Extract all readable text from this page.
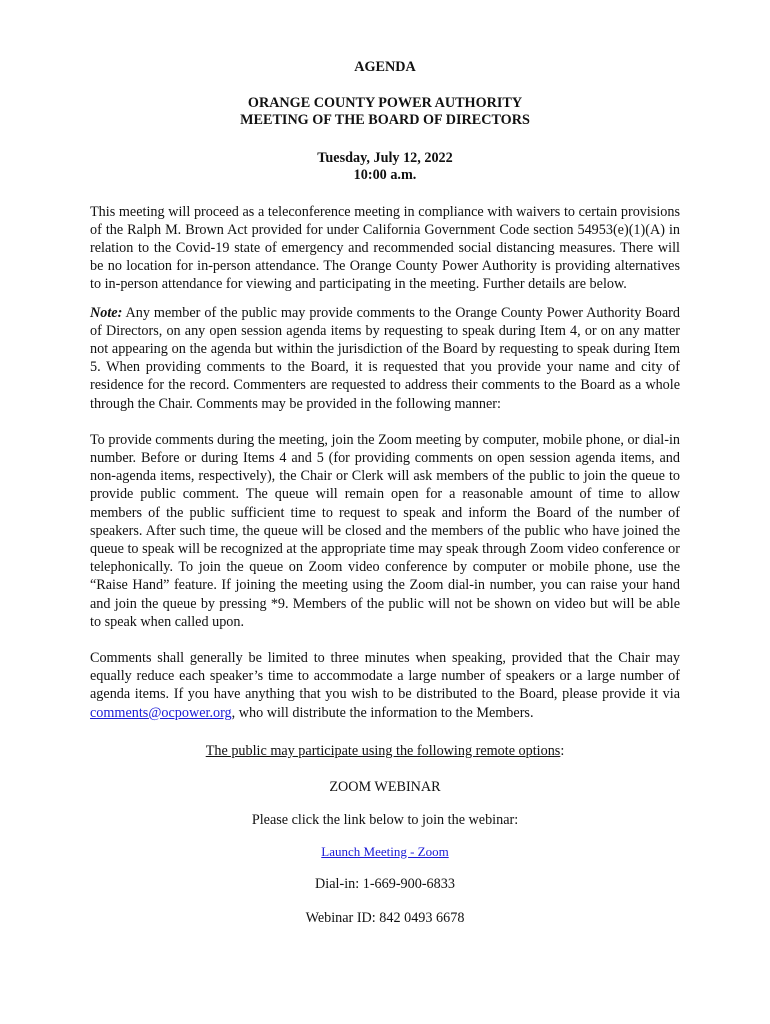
AGENDA

ORANGE COUNTY POWER AUTHORITY

MEETING OF THE BOARD OF DIRECTORS

Tuesday, July 12, 2022

10:00 a.m.

This meeting will proceed as a teleconference meeting in compliance with waivers to certain provisions of the Ralph M. Brown Act provided for under California Government Code section 54953(e)(1)(A) in relation to the Covid-19 state of emergency and recommended social distancing measures. There will be no location for in-person attendance. The Orange County Power Authority is providing alternatives to in-person attendance for viewing and participating in the meeting. Further details are below.

Note: Any member of the public may provide comments to the Orange County Power Authority Board of Directors, on any open session agenda items by requesting to speak during Item 4, or on any matter not appearing on the agenda but within the jurisdiction of the Board by requesting to speak during Item 5. When providing comments to the Board, it is requested that you provide your name and city of residence for the record. Commenters are requested to address their comments to the Board as a whole through the Chair. Comments may be provided in the following manner:

To provide comments during the meeting, join the Zoom meeting by computer, mobile phone, or dial-in number. Before or during Items 4 and 5 (for providing comments on open session agenda items, and non-agenda items, respectively), the Chair or Clerk will ask members of the public to join the queue to provide public comment. The queue will remain open for a reasonable amount of time to allow members of the public sufficient time to request to speak and inform the Board of the number of speakers. After such time, the queue will be closed and the members of the public who have joined the queue to speak will be recognized at the appropriate time may speak through Zoom video conference or telephonically. To join the queue on Zoom video conference by computer or mobile phone, use the “Raise Hand” feature. If joining the meeting using the Zoom dial-in number, you can raise your hand and join the queue by pressing *9. Members of the public will not be shown on video but will be able to speak when called upon.

Comments shall generally be limited to three minutes when speaking, provided that the Chair may equally reduce each speaker’s time to accommodate a large number of speakers or a large number of agenda items. If you have anything that you wish to be distributed to the Board, please provide it via comments@ocpower.org, who will distribute the information to the Members.

The public may participate using the following remote options:

ZOOM WEBINAR

Please click the link below to join the webinar:

Launch Meeting - Zoom

Dial-in: 1-669-900-6833

Webinar ID: 842 0493 6678
